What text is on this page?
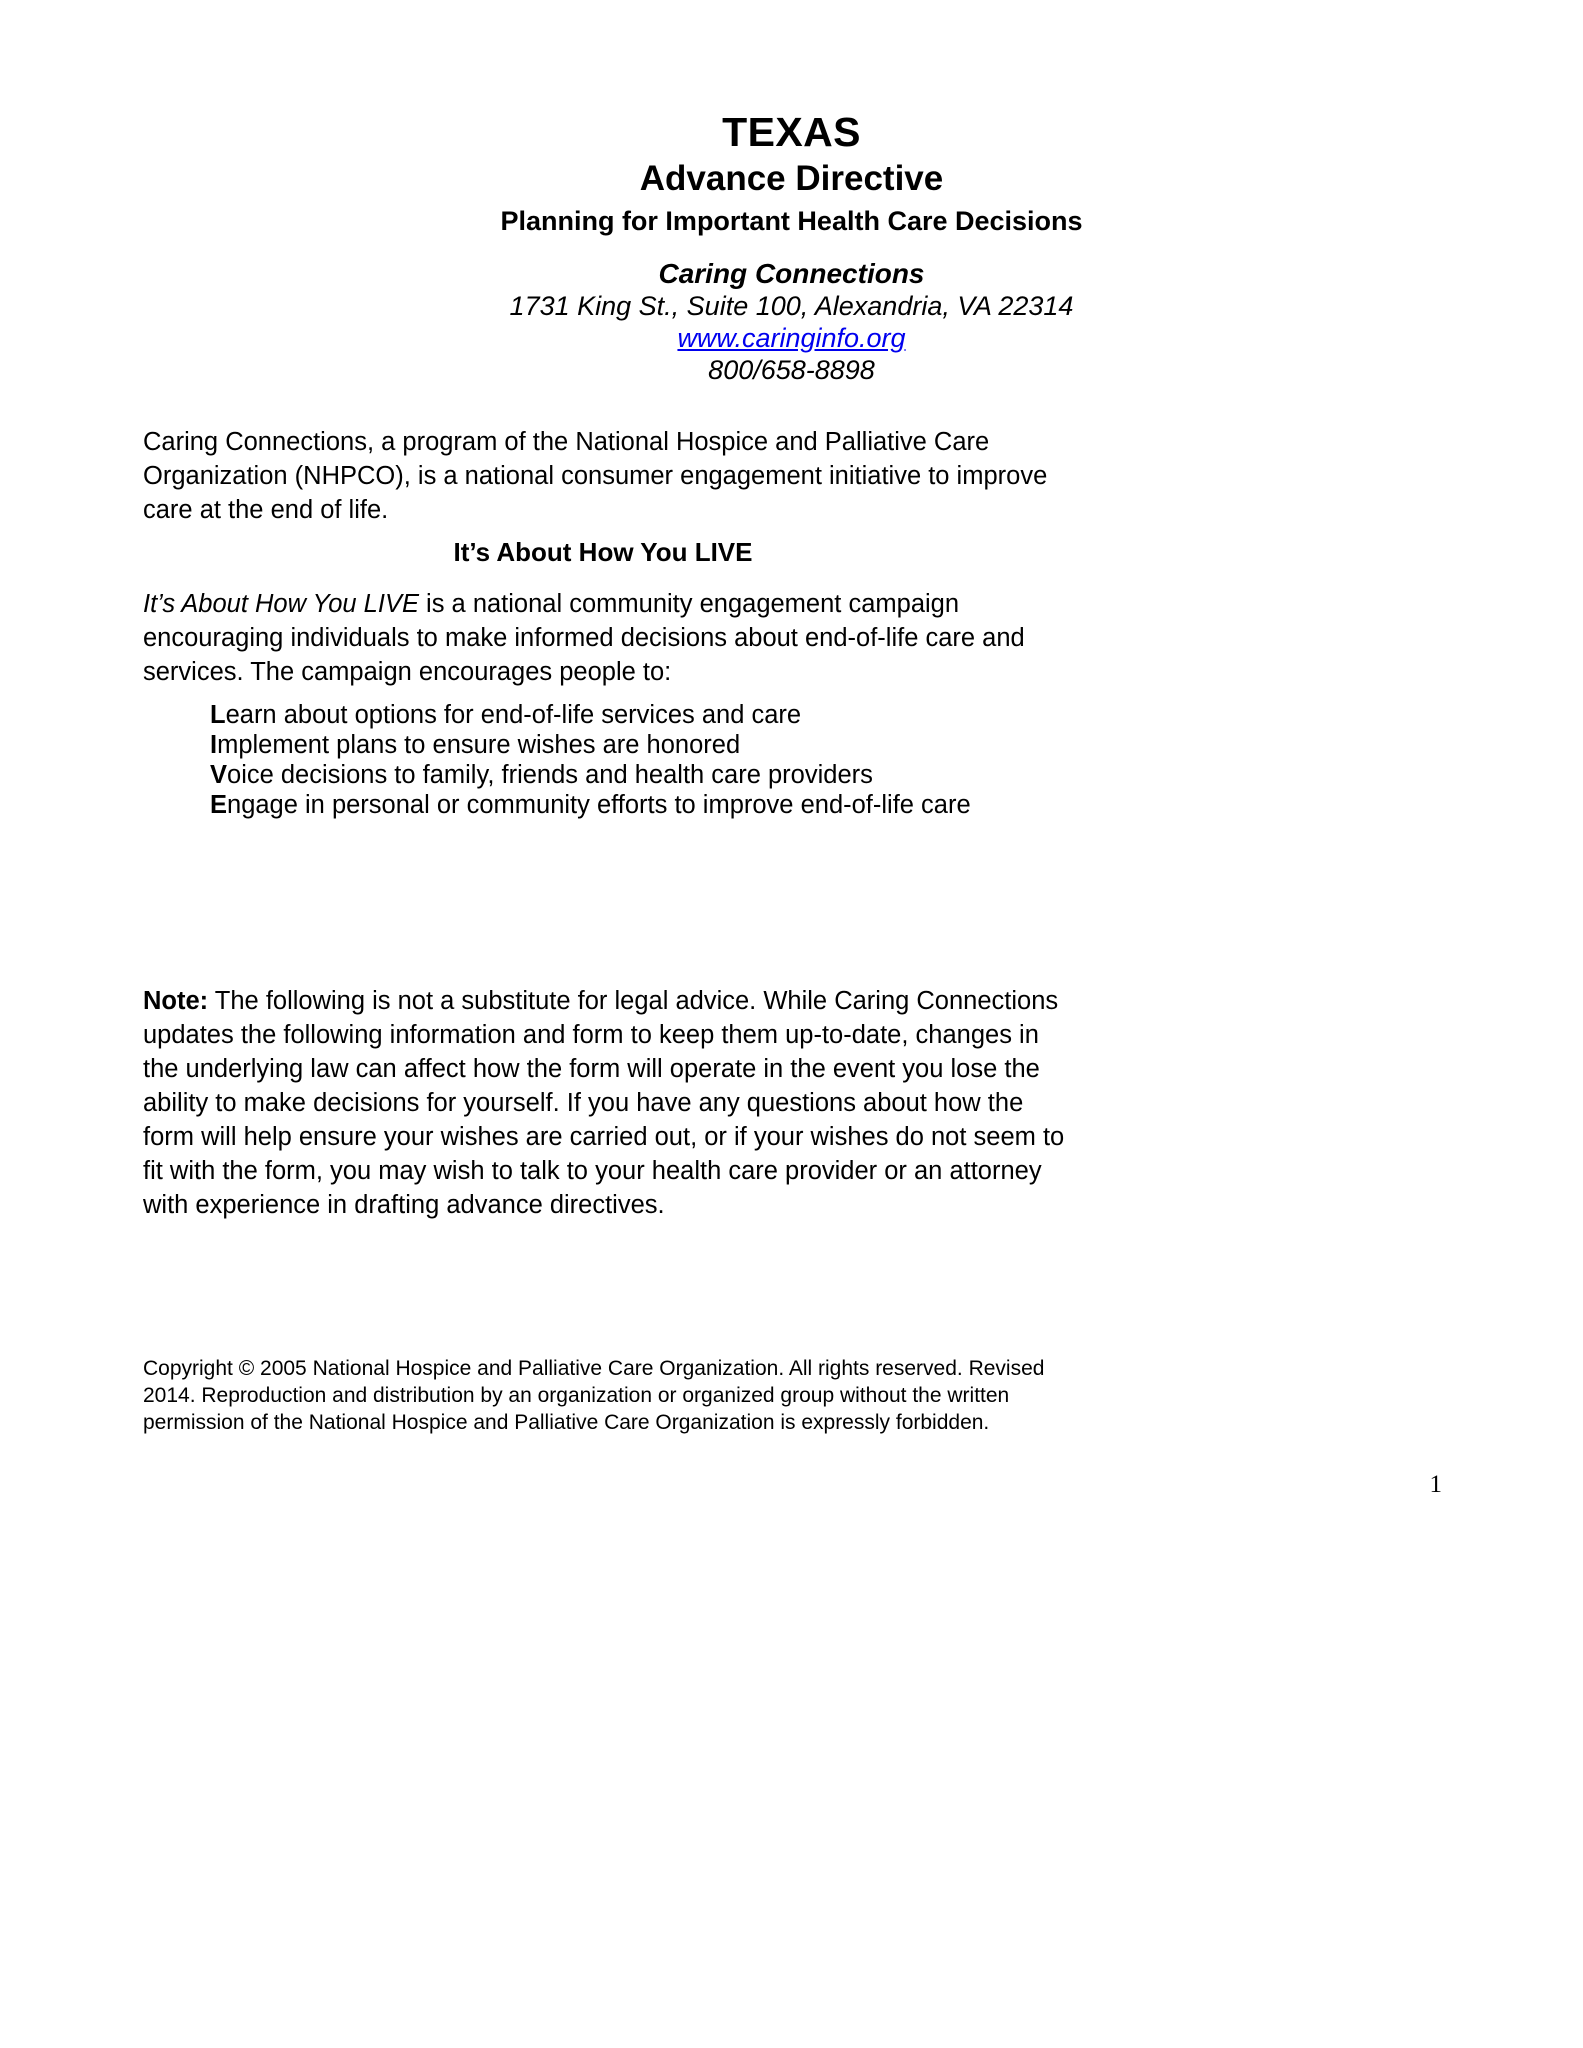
TEXAS
Advance Directive
Planning for Important Health Care Decisions
Caring Connections
1731 King St., Suite 100, Alexandria, VA 22314
www.caringinfo.org
800/658-8898
Caring Connections, a program of the National Hospice and Palliative Care Organization (NHPCO), is a national consumer engagement initiative to improve care at the end of life.
It’s About How You LIVE
It’s About How You LIVE is a national community engagement campaign encouraging individuals to make informed decisions about end-of-life care and services. The campaign encourages people to:
Learn about options for end-of-life services and care
Implement plans to ensure wishes are honored
Voice decisions to family, friends and health care providers
Engage in personal or community efforts to improve end-of-life care
Note: The following is not a substitute for legal advice. While Caring Connections updates the following information and form to keep them up-to-date, changes in the underlying law can affect how the form will operate in the event you lose the ability to make decisions for yourself. If you have any questions about how the form will help ensure your wishes are carried out, or if your wishes do not seem to fit with the form, you may wish to talk to your health care provider or an attorney with experience in drafting advance directives.
Copyright © 2005 National Hospice and Palliative Care Organization. All rights reserved. Revised 2014. Reproduction and distribution by an organization or organized group without the written permission of the National Hospice and Palliative Care Organization is expressly forbidden.
1
